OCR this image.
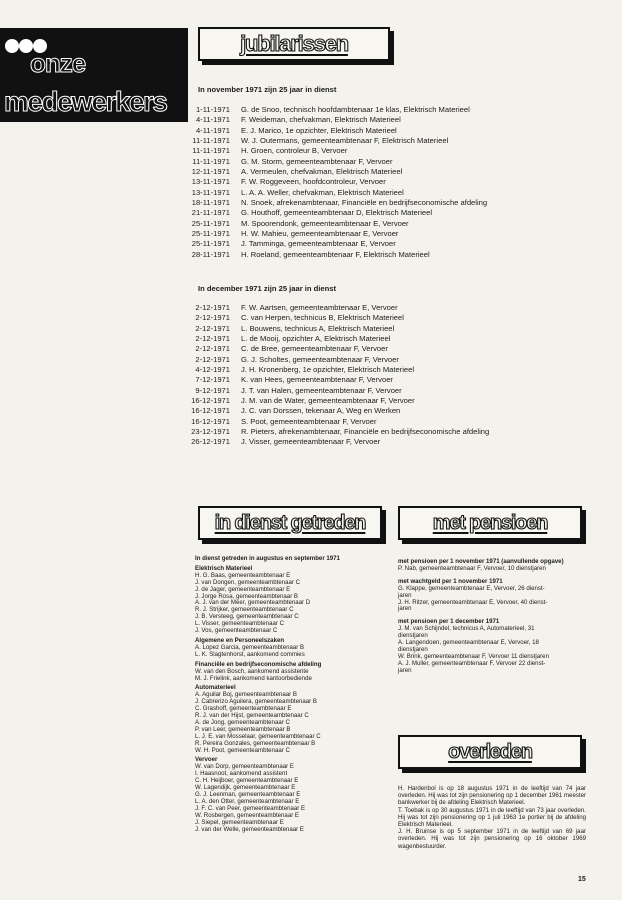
onze
medewerkers
jubilarissen
In november 1971 zijn 25 jaar in dienst
1-11-1971 G. de Snoo, technisch hoofdambtenaar 1e klas, Elektrisch Materieel
4-11-1971 F. Weideman, chefvakman, Elektrisch Materieel
4-11-1971 E. J. Marico, 1e opzichter, Elektrisch Materieel
11-11-1971 W. J. Outermans, gemeenteambtenaar F, Elektrisch Materieel
11-11-1971 H. Groen, controleur B, Vervoer
11-11-1971 G. M. Storm, gemeenteambtenaar F, Vervoer
12-11-1971 A. Vermeulen, chefvakman, Elektrisch Materieel
13-11-1971 F. W. Roggeveen, hoofdcontroleur, Vervoer
13-11-1971 L. A. A. Weller, chefvakman, Elektrisch Materieel
18-11-1971 N. Snoek, afrekenambtenaar, Financiële en bedrijfseconomische afdeling
21-11-1971 G. Houthoff, gemeenteambtenaar D, Elektrisch Materieel
25-11-1971 M. Spoorendonk, gemeenteambtenaar E, Vervoer
25-11-1971 H. W. Mahieu, gemeenteambtenaar E, Vervoer
25-11-1971 J. Tamminga, gemeenteambtenaar E, Vervoer
28-11-1971 H. Roeland, gemeenteambtenaar F, Elektrisch Materieel
In december 1971 zijn 25 jaar in dienst
2-12-1971 F. W. Aartsen, gemeenteambtenaar E, Vervoer
2-12-1971 C. van Herpen, technicus B, Elektrisch Materieel
2-12-1971 L. Bouwens, technicus A, Elektrisch Materieel
2-12-1971 L. de Mooij, opzichter A, Elektrisch Materieel
2-12-1971 C. de Bree, gemeenteambtenaar F, Vervoer
2-12-1971 G. J. Scholtes, gemeenteambtenaar F, Vervoer
4-12-1971 J. H. Kronenberg, 1e opzichter, Elektrisch Materieel
7-12-1971 K. van Hees, gemeenteambtenaar F, Vervoer
9-12-1971 J. T. van Halen, gemeenteambtenaar F, Vervoer
16-12-1971 J. M. van de Water, gemeenteambtenaar F, Vervoer
16-12-1971 J. C. van Dorssen, tekenaar A, Weg en Werken
16-12-1971 S. Poot, gemeenteambtenaar F, Vervoer
23-12-1971 R. Pieters, afrekenambtenaar, Financiële en bedrijfseconomische afdeling
26-12-1971 J. Visser, gemeenteambtenaar F, Vervoer
in dienst getreden	met pensioen
In dienst getreden in augustus en september 1971
Elektrisch Materieel
H. G. Baas, gemeenteambtenaar E
J. van Dongen, gemeenteambtenaar C
J. de Jager, gemeenteambtenaar E
J. Jorge Rosa, gemeenteambtenaar B
A. J. van der Meer, gemeenteambtenaar D
R. J. Strijker, gemeenteambtenaar C
J. B. Versteeg, gemeenteambtenaar C
L. Visser, gemeenteambtenaar C
J. Vos, gemeenteambtenaar C
Algemene en Personeelszaken
A. Lopez Garcia, gemeenteambtenaar B
L. K. Slagtenhorst, aankomend commies
Financiële en bedrijfseconomische afdeling
W. van den Bosch, aankomend assistente
M. J. Frielink, aankomend kantoorbediende
Automaterieel
A. Aguilar Boj, gemeenteambtenaar B
J. Cabrerizo Aguilera, gemeenteambtenaar B
C. Grashoff, gemeenteambtenaar E
R. J. van der Hijst, gemeenteambtenaar C
A. de Jong, gemeenteambtenaar C
P. van Leer, gemeenteambtenaar B
L. J. E. van Mosselaar, gemeenteambtenaar C
R. Pereira Gonzales, gemeenteambtenaar B
W. H. Poot, gemeenteambtenaar C
Vervoer
W. van Dorp, gemeenteambtenaar E
I. Haasnoot, aankomend assistent
C. H. Heijboer, gemeenteambtenaar E
W. Lagendijk, gemeenteambtenaar E
G. J. Leenman, gemeenteambtenaar E
L. A. den Otter, gemeenteambtenaar E
J. F. C. van Peer, gemeenteambtenaar E
W. Rosbergen, gemeenteambtenaar E
J. Siepel, gemeenteambtenaar E
J. van der Welle, gemeenteambtenaar E
met pensioen per 1 november 1971 (aanvullende opgave)
P. Nab, gemeenteambtenaar F, Vervoer, 10 dienstjaren
met wachtgeld per 1 november 1971
G. Klappe, gemeenteambtenaar E, Vervoer, 26 dienst-
jaren
J. H. Ritzer, gemeenteambtenaar E, Vervoer, 40 dienst-
jaren
met pensioen per 1 december 1971
J. M. van Schijndel, technicus A, Automaterieel, 31
dienstjaren
A. Langendoen, gemeenteambtenaar E, Vervoer, 18
dienstjaren
W. Brink, gemeenteambtenaar F, Vervoer 11 dienstjaren
A. J. Muller, gemeenteambtenaar F, Vervoer 22 dienst-
jaren
overleden
H. Hardenbol is op 18 augustus 1971 in de leeftijd van 74 jaar overleden. Hij was tot zijn pensionering op 1 december 1961 meester bankwerker bij de afdeling Elektrisch Materieel.
T. Toebak is op 30 augustus 1971 in de leeftijd van 73 jaar overleden. Hij was tot zijn pensionering op 1 juli 1963 1e portier bij de afdeling Elektrisch Materieel.
J. H. Bruinse is op 5 september 1971 in de leeftijd van 69 jaar overleden. Hij was tot zijn pensionering op 16 oktober 1969 wagenbestuurder.
15
